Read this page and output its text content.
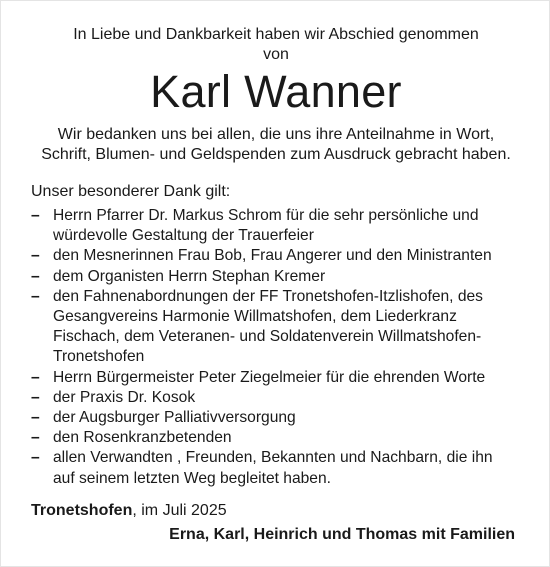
In Liebe und Dankbarkeit haben wir Abschied genommen
von
Karl Wanner
Wir bedanken uns bei allen, die uns ihre Anteilnahme in Wort,
Schrift, Blumen- und Geldspenden zum Ausdruck gebracht haben.
Unser besonderer Dank gilt:
– Herrn Pfarrer Dr. Markus Schrom für die sehr persönliche und
würdevolle Gestaltung der Trauerfeier
– den Mesnerinnen Frau Bob, Frau Angerer und den Ministranten
– dem Organisten Herrn Stephan Kremer
– den Fahnenabordnungen der FF Tronetshofen-Itzlishofen, des
Gesangvereins Harmonie Willmatshofen, dem Liederkranz
Fischach, dem Veteranen- und Soldatenverein Willmatshofen-
Tronetshofen
– Herrn Bürgermeister Peter Ziegelmeier für die ehrenden Worte
– der Praxis Dr. Kosok
– der Augsburger Palliativversorgung
– den Rosenkranzbetenden
– allen Verwandten , Freunden, Bekannten und Nachbarn, die ihn
auf seinem letzten Weg begleitet haben.
Tronetshofen, im Juli 2025
Erna, Karl, Heinrich und Thomas mit Familien
